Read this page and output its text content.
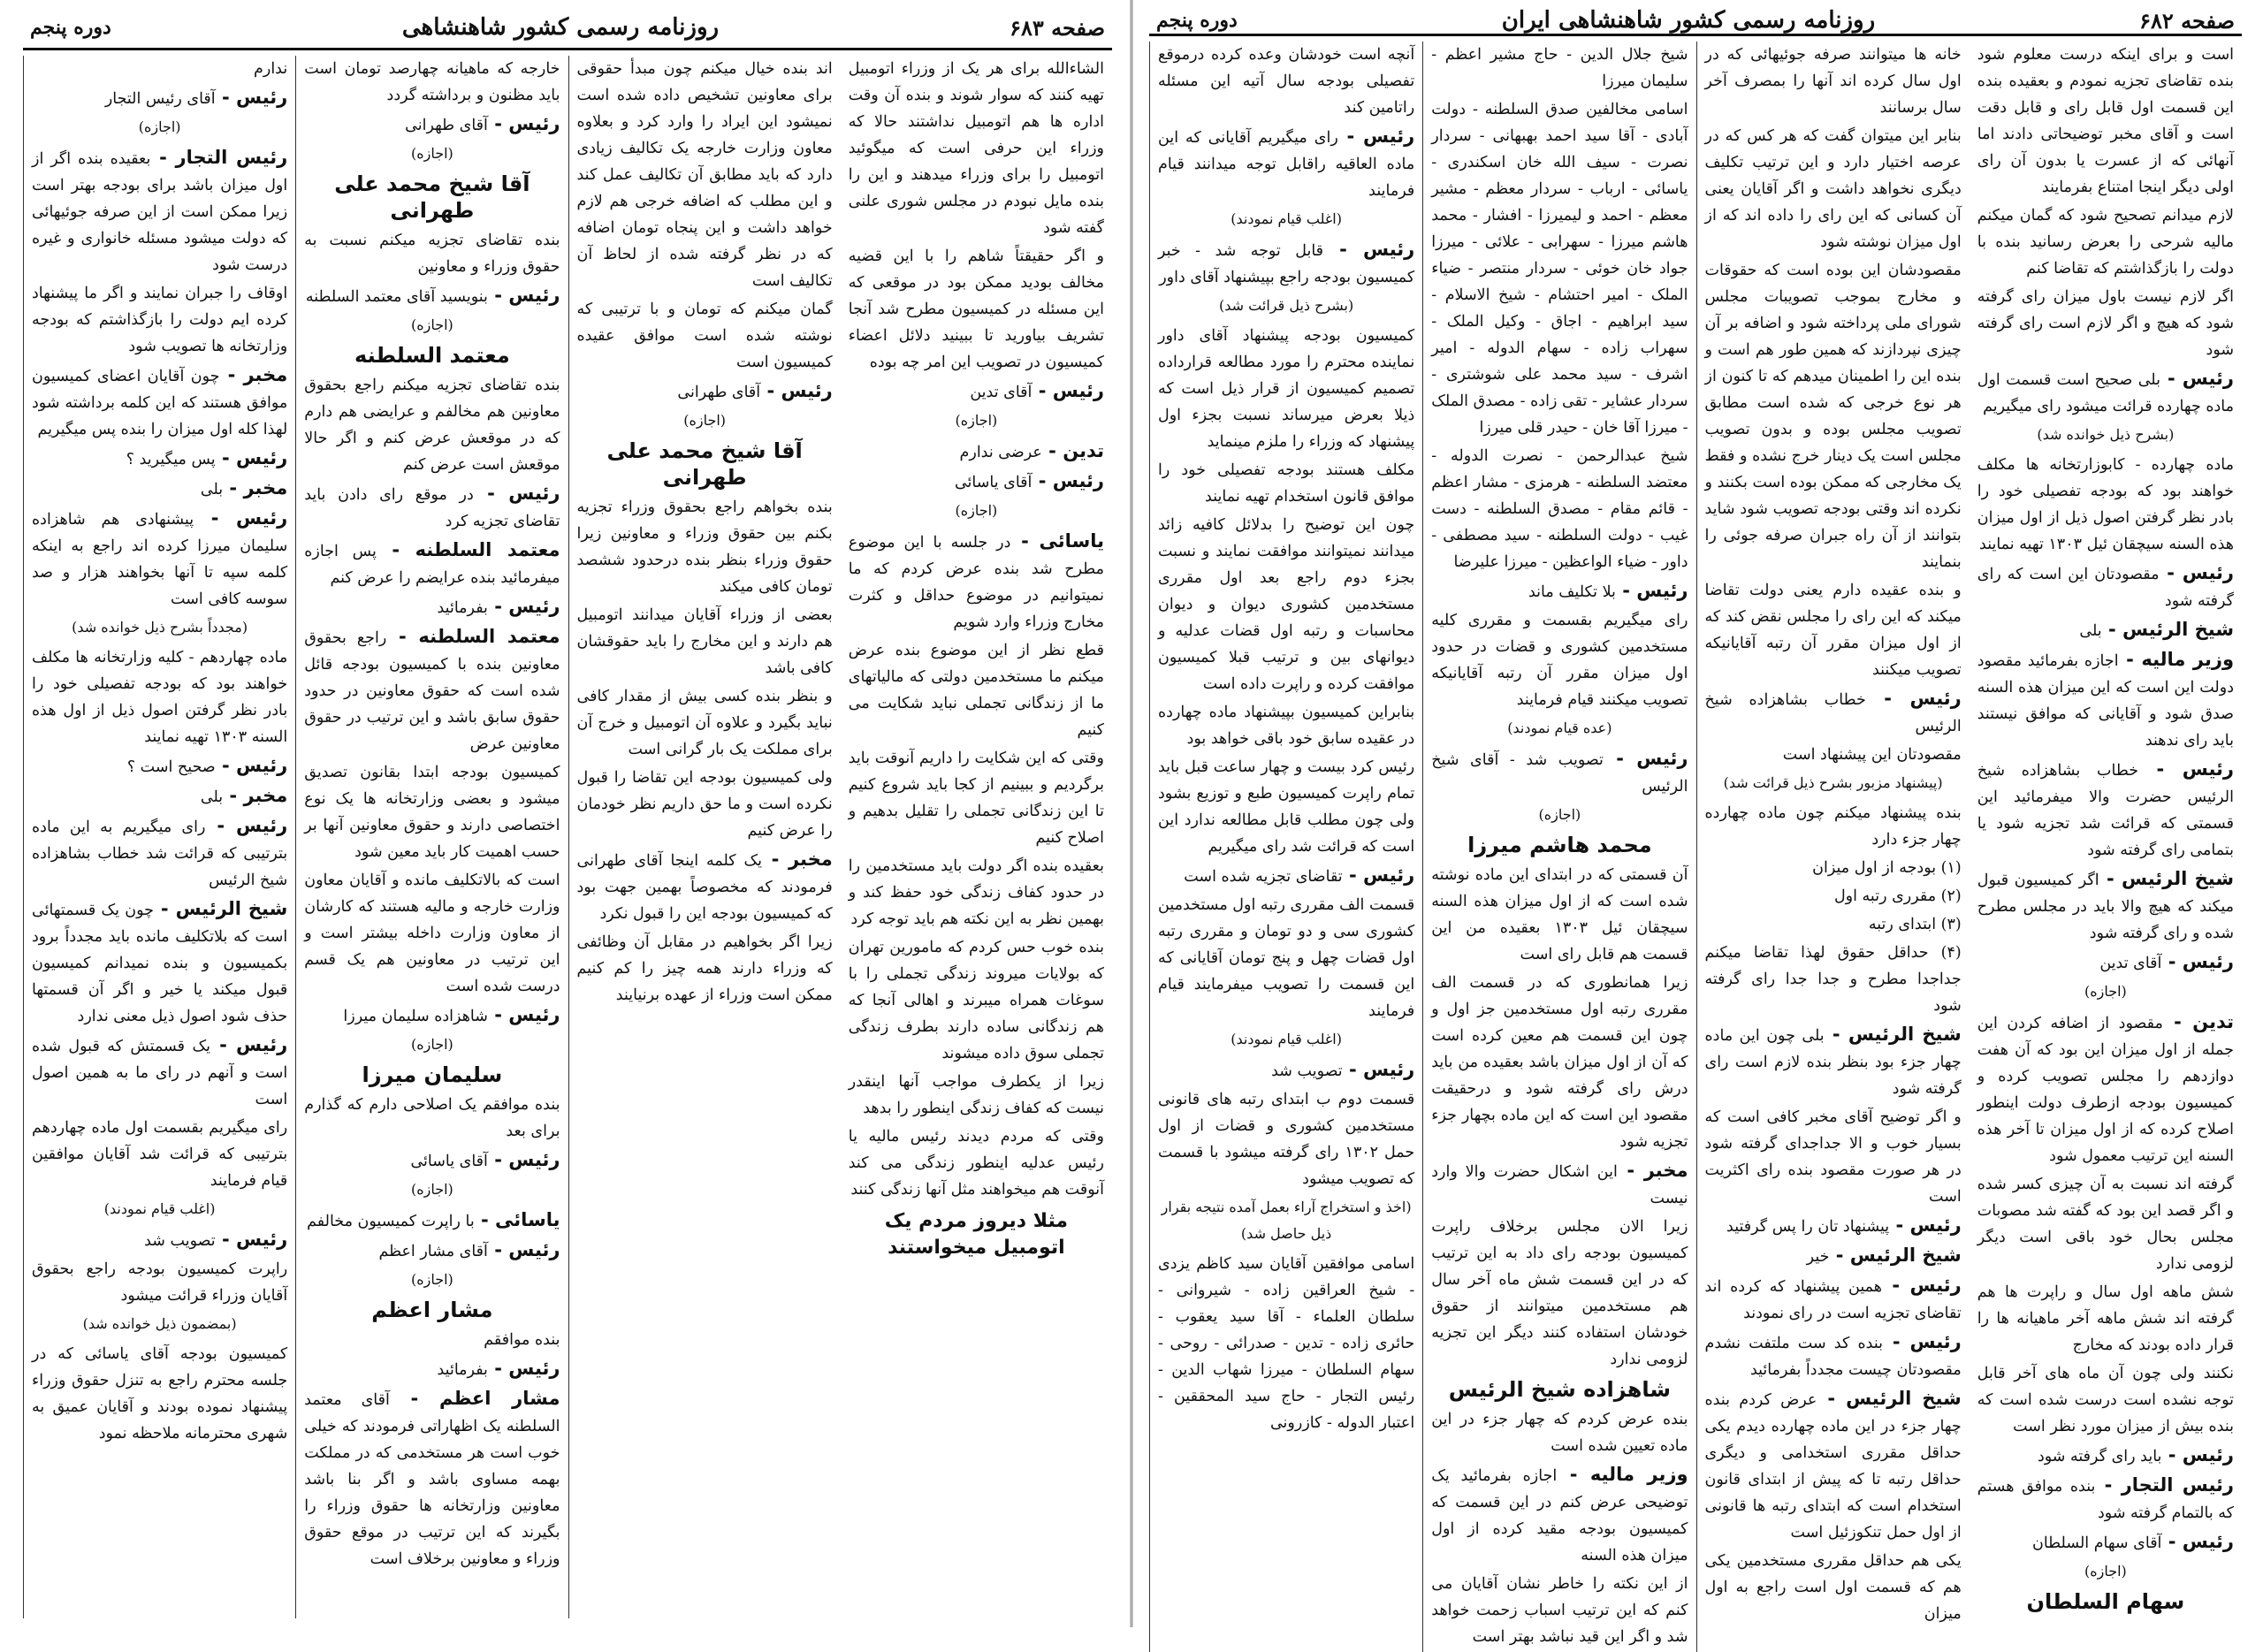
صفحه ۶۸۳
روزنامه رسمی کشور شاهنشاهی
دوره پنجم

ندارم

رئیس - آقای رئیس التجار

(اجازه)

رئیس التجار - بعقیده بنده اگر از اول میزان باشد برای بودجه بهتر است زیرا ممکن است از این صرفه جوئیهائی که دولت میشود مسئله خانواری و غیره درست شود

اوقاف را جبران نمایند و اگر ما پیشنهاد کرده ایم دولت را بازگذاشتم که بودجه وزارتخانه ها تصویب شود

مخبر - چون آقایان اعضای کمیسیون موافق هستند که این کلمه برداشته شود لهذا کله اول میزان را بنده پس میگیریم

رئیس - پس میگیرید ؟

مخبر - بلی

رئیس - پیشنهادی هم شاهزاده سلیمان میرزا کرده اند راجع به اینکه کلمه سپه تا آنها بخواهند هزار و صد سوسه کافی است

(مجدداً بشرح ذیل خوانده شد)

ماده چهاردهم - کلیه وزارتخانه ها مکلف خواهند بود که بودجه تفصیلی خود را بادر نظر گرفتن اصول ذیل از اول هذه السنه ۱۳۰۳ تهیه نمایند

رئیس - صحیح است ؟

مخبر - بلی

رئیس - رای میگیریم به این ماده بترتیبی که قرائت شد خطاب بشاهزاده شیخ الرئیس

شیخ الرئیس - چون یک قسمتهائی است که بلاتکلیف مانده باید مجدداً برود بکمیسیون و بنده نمیدانم کمیسیون قبول میکند یا خیر و اگر آن قسمتها حذف شود اصول ذیل معنی ندارد

رئیس - یک قسمتش که قبول شده است و آنهم در رای ما به همین اصول است

رای میگیریم بقسمت اول ماده چهاردهم بترتیبی که قرائت شد آقایان موافقین قیام فرمایند

(اغلب قیام نمودند)

رئیس - تصویب شد

راپرت کمیسیون بودجه راجع بحقوق آقایان وزراء قرائت میشود

(بمضمون ذیل خوانده شد)

کمیسیون بودجه آقای یاسائی که در جلسه محترم راجع به تنزل حقوق وزراء پیشنهاد نموده بودند و آقایان عمیق به شهری محترمانه ملاحظه نمود

خارجه که ماهیانه چهارصد تومان است باید مظنون و برداشته گردد

رئیس - آقای طهرانی

(اجازه)
آقا شیخ محمد علی طهرانی

بنده تقاضای تجزیه میکنم نسبت به حقوق وزراء و معاونین

رئیس - بنویسید آقای معتمد السلطنه

(اجازه)
معتمد السلطنه

بنده تقاضای تجزیه میکنم راجع بحقوق معاونین هم مخالفم و عرایضی هم دارم که در موقعش عرض کنم و اگر حالا موقعش است عرض کنم

رئیس - در موقع رای دادن باید تقاضای تجزیه کرد

معتمد السلطنه - پس اجازه میفرمائید بنده عرایضم را عرض کنم

رئیس - بفرمائید

معتمد السلطنه - راجع بحقوق معاونین بنده با کمیسیون بودجه قائل شده است که حقوق معاونین در حدود حقوق سابق باشد و این ترتیب در حقوق معاونین عرض

کمیسیون بودجه ابتدا بقانون تصدیق میشود و بعضی وزارتخانه ها یک نوع اختصاصی دارند و حقوق معاونین آنها بر حسب اهمیت کار باید معین شود

است که بالاتکلیف مانده و آقایان معاون وزارت خارجه و مالیه هستند که کارشان از معاون وزارت داخله بیشتر است و این ترتیب در معاونین هم یک قسم درست شده است

رئیس - شاهزاده سلیمان میرزا

(اجازه)
سلیمان میرزا

بنده موافقم یک اصلاحی دارم که گذارم برای بعد

رئیس - آقای یاسائی

(اجازه)

یاسائی - با راپرت کمیسیون مخالفم

رئیس - آقای مشار اعظم

(اجازه)
مشار اعظم

بنده موافقم

رئیس - بفرمائید

مشار اعظم - آقای معتمد السلطنه یک اظهاراتی فرمودند که خیلی خوب است هر مستخدمی که در مملکت بهمه مساوی باشد و اگر بنا باشد معاونین وزارتخانه ها حقوق وزراء را بگیرند که این ترتیب در موقع حقوق وزراء و معاونین برخلاف است

اند بنده خیال میکنم چون مبدأ حقوقی برای معاونین تشخیص داده شده است نمیشود این ایراد را وارد کرد و بعلاوه معاون وزارت خارجه یک تکالیف زیادی دارد که باید مطابق آن تکالیف عمل کند و این مطلب که اضافه خرجی هم لازم خواهد داشت و این پنجاه تومان اضافه که در نظر گرفته شده از لحاظ آن تکالیف است

گمان میکنم که تومان و با ترتیبی که نوشته شده است موافق عقیده کمیسیون است

رئیس - آقای طهرانی

(اجازه)
آقا شیخ محمد علی طهرانی

بنده بخواهم راجع بحقوق وزراء تجزیه بکنم بین حقوق وزراء و معاونین زیرا حقوق وزراء بنظر بنده درحدود ششصد تومان کافی میکند

بعضی از وزراء آقایان میدانند اتومبیل هم دارند و این مخارج را باید حقوقشان کافی باشد

و بنظر بنده کسی بیش از مقدار کافی نباید بگیرد و علاوه آن اتومبیل و خرج آن برای مملکت یک بار گرانی است

ولی کمیسیون بودجه این تقاضا را قبول نکرده است و ما حق داریم نظر خودمان را عرض کنیم

مخبر - یک کلمه اینجا آقای طهرانی فرمودند که مخصوصاً بهمین جهت بود که کمیسیون بودجه این را قبول نکرد

زیرا اگر بخواهیم در مقابل آن وظائفی که وزراء دارند همه چیز را کم کنیم ممکن است وزراء از عهده برنیایند

الشاءالله برای هر یک از وزراء اتومبیل تهیه کنند که سوار شوند و بنده آن وقت اداره ها هم اتومبیل نداشتند حالا که وزراء این حرفی است که میگوئید اتومبیل را برای وزراء میدهند و این را بنده مایل نبودم در مجلس شوری علنی گفته شود

و اگر حقیقتاً شاهم را با این قضیه مخالف بودید ممکن بود در موقعی که این مسئله در کمیسیون مطرح شد آنجا تشریف بیاورید تا ببینید دلائل اعضاء کمیسیون در تصویب این امر چه بوده

رئیس - آقای تدین

(اجازه)

تدین - عرضی ندارم

رئیس - آقای یاسائی

(اجازه)

یاسائی - در جلسه با این موضوع مطرح شد بنده عرض کردم که ما نمیتوانیم در موضوع حداقل و کثرت مخارج وزراء وارد شویم

قطع نظر از این موضوع بنده عرض میکنم ما مستخدمین دولتی که مالیاتهای ما از زندگانی تجملی نباید شکایت می کنیم

وقتی که این شکایت را داریم آنوقت باید برگردیم و ببینیم از کجا باید شروع کنیم تا این زندگانی تجملی را تقلیل بدهیم و اصلاح کنیم

بعقیده بنده اگر دولت باید مستخدمین را در حدود کفاف زندگی خود حفظ کند و بهمین نظر به این نکته هم باید توجه کرد

بنده خوب حس کردم که مامورین تهران که بولایات میروند زندگی تجملی را با سوغات همراه میبرند و اهالی آنجا که هم زندگانی ساده دارند بطرف زندگی تجملی سوق داده میشوند

زیرا از یکطرف مواجب آنها اینقدر نیست که کفاف زندگی اینطور را بدهد

وقتی که مردم دیدند رئیس مالیه یا رئیس عدلیه اینطور زندگی می کند آنوقت هم میخواهند مثل آنها زندگی کنند

مثلا دیروز مردم یک اتومبیل میخواستند
صفحه ۶۸۲
روزنامه رسمی کشور شاهنشاهی ایران
دوره پنجم

آنچه است خودشان وعده کرده درموقع تفصیلی بودجه سال آتیه این مسئله راتامین کند

رئیس - رای میگیریم آقایانی که این ماده العاقیه راقابل توجه میدانند قیام فرمایند

(اغلب قیام نمودند)

رئیس - قابل توجه شد - خبر کمیسیون بودجه راجع بپیشنهاد آقای داور

(بشرح ذیل قرائت شد)

کمیسیون بودجه پیشنهاد آقای داور نماینده محترم را مورد مطالعه قرارداده تصمیم کمیسیون از قرار ذیل است که ذیلا بعرض میرساند نسبت بجزء اول پیشنهاد که وزراء را ملزم مینماید

مکلف هستند بودجه تفصیلی خود را موافق قانون استخدام تهیه نمایند

چون این توضیح را بدلائل کافیه زائد میدانند نمیتوانند موافقت نمایند و نسبت بجزء دوم راجع بعد اول مقرری مستخدمین کشوری دیوان و دیوان محاسبات و رتبه اول قضات عدلیه و دیوانهای بین و ترتیب قبلا کمیسیون موافقت کرده و راپرت داده است

بنابراین کمیسیون بپیشنهاد ماده چهارده در عقیده سابق خود باقی خواهد بود

رئیس کرد بیست و چهار ساعت قبل باید تمام راپرت کمیسیون طبع و توزیع بشود ولی چون مطلب قابل مطالعه ندارد این است که قرائت شد رای میگیریم

رئیس - تقاضای تجزیه شده است

قسمت الف مقرری رتبه اول مستخدمین کشوری سی و دو تومان و مقرری رتبه اول قضات چهل و پنج تومان آقایانی که این قسمت را تصویب میفرمایند قیام فرمایند

(اغلب قیام نمودند)

رئیس - تصویب شد

قسمت دوم ب ابتدای رتبه های قانونی مستخدمین کشوری و قضات از اول حمل ۱۳۰۲ رای گرفته میشود با قسمت که تصویب میشود

(اخذ و استخراج آراء بعمل آمده نتیجه بقرار ذیل حاصل شد)

اسامی موافقین آقایان سید کاظم یزدی - شیخ العراقین زاده - شیروانی - سلطان العلماء - آقا سید یعقوب - حائری زاده - تدین - صدرائی - روحی - سهام السلطان - میرزا شهاب الدین - رئیس التجار - حاج سید المحققین - اعتبار الدوله - کازرونی

شیخ جلال الدین - حاج مشیر اعظم - سلیمان میرزا

اسامی مخالفین صدق السلطنه - دولت آبادی - آقا سید احمد بهبهانی - سردار نصرت - سیف الله خان اسکندری - یاسائی - ارباب - سردار معظم - مشیر معظم - احمد و لیمیرزا - افشار - محمد هاشم میرزا - سهرابی - علائی - میرزا جواد خان خوئی - سردار منتصر - ضیاء الملک - امیر احتشام - شیخ الاسلام - سید ابراهیم - اجاق - وکیل الملک - سهراب زاده - سهام الدوله - امیر اشرف - سید محمد علی شوشتری - سردار عشایر - تقی زاده - مصدق الملک - میرزا آقا خان - حیدر قلی میرزا

شیخ عبدالرحمن - نصرت الدوله - معتضد السلطنه - هرمزی - مشار اعظم - قائم مقام - مصدق السلطنه - دست غیب - دولت السلطنه - سید مصطفی - داور - ضیاء الواعظین - میرزا علیرضا

رئیس - بلا تکلیف ماند

رای میگیریم بقسمت و مقرری کلیه مستخدمین کشوری و قضات در حدود اول میزان مقرر آن رتبه آقایانیکه تصویب میکنند قیام فرمایند

(عده قیام نمودند)

رئیس - تصویب شد - آقای شیخ الرئیس

(اجازه)
محمد هاشم میرزا

آن قسمتی که در ابتدای این ماده نوشته شده است که از اول میزان هذه السنه سیچقان ئیل ۱۳۰۳ بعقیده من این قسمت هم قابل رای است

زیرا همانطوری که در قسمت الف مقرری رتبه اول مستخدمین جز اول و چون این قسمت هم معین کرده است که آن از اول میزان باشد بعقیده من باید درش رای گرفته شود و درحقیقت مقصود این است که این ماده بچهار جزء تجزیه شود

مخبر - این اشکال حضرت والا وارد نیست

زیرا الان مجلس برخلاف راپرت کمیسیون بودجه رای داد به این ترتیب که در این قسمت شش ماه آخر سال هم مستخدمین میتوانند از حقوق خودشان استفاده کنند دیگر این تجزیه لزومی ندارد

شاهزاده شیخ الرئیس

بنده عرض کردم که چهار جزء در این ماده تعیین شده است

وزیر مالیه - اجازه بفرمائید یک توضیحی عرض کنم در این قسمت که کمیسیون بودجه مقید کرده از اول میزان هذه السنه

از این نکته را خاطر نشان آقایان می کنم که این ترتیب اسباب زحمت خواهد شد و اگر این قید نباشد بهتر است

خانه ها میتوانند صرفه جوئیهائی که در اول سال کرده اند آنها را بمصرف آخر سال برسانند

بنابر این میتوان گفت که هر کس که در عرصه اختیار دارد و این ترتیب تکلیف دیگری نخواهد داشت و اگر آقایان یعنی آن کسانی که این رای را داده اند که از اول میزان نوشته شود

مقصودشان این بوده است که حقوقات و مخارج بموجب تصویبات مجلس شورای ملی پرداخته شود و اضافه بر آن چیزی نپردازند که همین طور هم است و بنده این را اطمینان میدهم که تا کنون از هر نوع خرجی که شده است مطابق تصویب مجلس بوده و بدون تصویب مجلس است یک دینار خرج نشده و فقط یک مخارجی که ممکن بوده است بکنند و نکرده اند وقتی بودجه تصویب شود شاید بتوانند از آن راه جبران صرفه جوئی را بنمایند

و بنده عقیده دارم یعنی دولت تقاضا میکند که این رای را مجلس نقض کند که از اول میزان مقرر آن رتبه آقایانیکه تصویب میکنند

رئیس - خطاب بشاهزاده شیخ الرئیس

مقصودتان این پیشنهاد است

(پیشنهاد مزبور بشرح ذیل قرائت شد)

بنده پیشنهاد میکنم چون ماده چهارده چهار جزء دارد

(۱) بودجه از اول میزان

(۲) مقرری رتبه اول

(۳) ابتدای رتبه

(۴) حداقل حقوق لهذا تقاضا میکنم جداجدا مطرح و جدا جدا رای گرفته شود

شیخ الرئیس - بلی چون این ماده چهار جزء بود بنظر بنده لازم است رای گرفته شود

و اگر توضیح آقای مخبر کافی است که بسیار خوب و الا جداجدای گرفته شود در هر صورت مقصود بنده رای اکثریت است

رئیس - پیشنهاد تان را پس گرفتید

شیخ الرئیس - خیر

رئیس - همین پیشنهاد که کرده اند تقاضای تجزیه است در رای نمودند

رئیس - بنده کد ست ملتفت نشدم مقصودتان چیست مجدداً بفرمائید

شیخ الرئیس - عرض کردم بنده چهار جزء در این ماده چهارده دیدم یکی حداقل مقرری استخدامی و دیگری حداقل رتبه تا که پیش از ابتدای قانون استخدام است که ابتدای رتبه ها قانونی از اول حمل تنکوزئیل است

یکی هم حداقل مقرری مستخدمین یکی هم که قسمت اول است راجع به اول میزان

است و برای اینکه درست معلوم شود بنده تقاضای تجزیه نمودم و بعقیده بنده این قسمت اول قابل رای و قابل دقت است و آقای مخبر توضیحاتی دادند اما آنهائی که از عسرت یا بدون آن رای اولی دیگر اینجا امتناع بفرمایند

لازم میدانم تصحیح شود که گمان میکنم مالیه شرحی را بعرض رسانید بنده با دولت را بازگذاشتم که تقاضا کنم

اگر لازم نیست باول میزان رای گرفته شود که هیچ و اگر لازم است رای گرفته شود

رئیس - بلی صحیح است قسمت اول ماده چهارده قرائت میشود رای میگیریم

(بشرح ذیل خوانده شد)

ماده چهارده - کابوزارتخانه ها مکلف خواهند بود که بودجه تفصیلی خود را بادر نظر گرفتن اصول ذیل از اول میزان هذه السنه سیچقان ئیل ۱۳۰۳ تهیه نمایند

رئیس - مقصودتان این است که رای گرفته شود

شیخ الرئیس - بلی

وزیر مالیه - اجازه بفرمائید مقصود دولت این است که این میزان هذه السنه صدق شود و آقایانی که موافق نیستند باید رای ندهند

رئیس - خطاب بشاهزاده شیخ الرئیس حضرت والا میفرمائید این قسمتی که قرائت شد تجزیه شود یا بتمامی رای گرفته شود

شیخ الرئیس - اگر کمیسیون قبول میکند که هیچ والا باید در مجلس مطرح شده و رای گرفته شود

رئیس - آقای تدین

(اجازه)

تدین - مقصود از اضافه کردن این جمله از اول میزان این بود که آن هفت دوازدهم را مجلس تصویب کرده و کمیسیون بودجه ازطرف دولت اینطور اصلاح کرده که از اول میزان تا آخر هذه السنه این ترتیب معمول شود

گرفته اند نسبت به آن چیزی کسر شده و اگر قصد این بود که گفته شد مصوبات مجلس بحال خود باقی است دیگر لزومی ندارد

شش ماهه اول سال و راپرت ها هم گرفته اند شش ماهه آخر ماهیانه ها را قرار داده بودند که مخارج

نکنند ولی چون آن ماه های آخر قابل توجه نشده است درست شده است که بنده بیش از میزان مورد نظر است

رئیس - باید رای گرفته شود

رئیس التجار - بنده موافق هستم که بالتمام گرفته شود

رئیس - آقای سهام السلطان

(اجازه)
سهام السلطان
